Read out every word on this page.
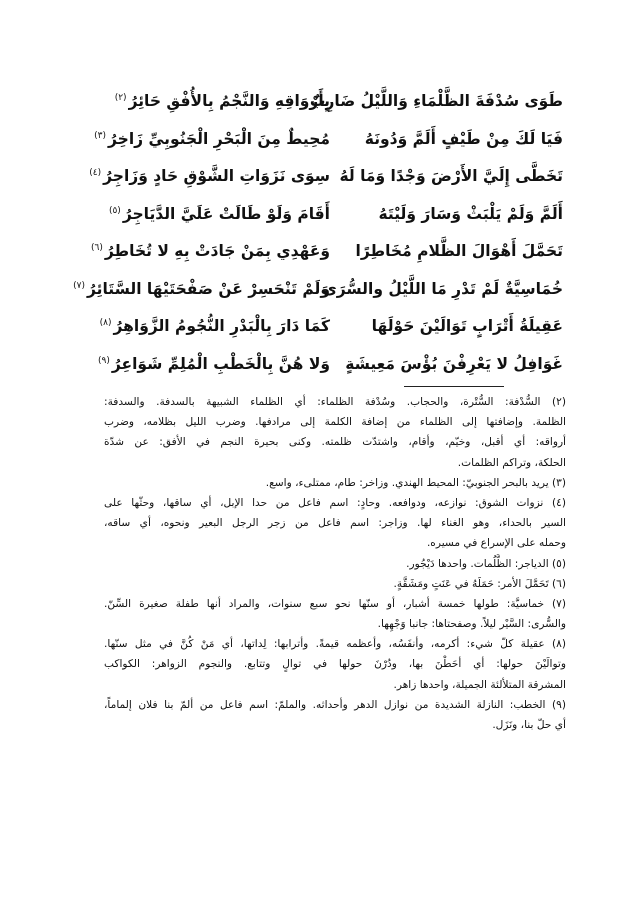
طَوَى سُدْفَةَ الظَّلْمَاءِ وَاللَّيْلُ ضَارِبٌ
بِأَرْوَاقِهِ وَالنَّجْمُ بِالأُفْقِ حَائِرُ$^{(٢)}$
فَيَا لَكَ مِنْ طَيْفٍ أَلَمَّ وَدُونَهُ
مُحِيطٌ مِنَ الْبَحْرِ الْجَنُوبِيِّ زَاخِرُ$^{(٣)}$
تَخَطَّى إِلَيَّ الأَرْضَ وَجْدًا وَمَا لَهُ
سِوَى نَزَوَاتِ الشَّوْقِ حَادٍ وَزَاجِرُ$^{(٤)}$
أَلَمَّ وَلَمْ يَلْبَثْ وَسَارَ وَلَيْتَهُ
أَقَامَ وَلَوْ طَالَتْ عَلَيَّ الدَّيَاجِرُ$^{(٥)}$
تَحَمَّلَ أَهْوَالَ الظَّلامِ مُخَاطِرًا
وَعَهْدِي بِمَنْ جَادَتْ بِهِ لا تُخَاطِرُ$^{(٦)}$
خُمَاسِيَّةٌ لَمْ تَدْرِ مَا اللَّيْلُ والسُّرَى
وَلَمْ تَنْحَسِرْ عَنْ صَفْحَتَيْهَا السَّتَائِرُ$^{(٧)}$
عَقِيلَةُ أَتْرَابٍ تَوَالَيْنَ حَوْلَهَا
كَمَا دَارَ بِالْبَدْرِ النُّجُومُ الزَّوَاهِرُ$^{(٨)}$
غَوَافِلُ لا يَعْرِفْنَ بُؤْسَ مَعِيشَةٍ
وَلا هُنَّ بِالْخَطْبِ الْمُلِمِّ شَوَاعِرُ$^{(٩)}$
(٢) السُّدْفة: السُّتْرة، والحجاب. وسُدْفة الظلماء: أي الظلماء الشبيهة بالسدفة. والسدفة:
الظلمة. وإضافتها إلى الظلماء من إضافة الكلمة إلى مرادفها. وضرب الليل بظلامه، وضرب
أرواقه: أي أقبل، وخيّم، وأقام، واشتدّت ظلمته. وكنى بحيرة النجم في الأفق: عن شدّة
الحلكة، وتراكم الظلمات.
(٣) يريد بالبحر الجنوبيّ: المحيط الهندي. وزاخر: طام، ممتلىء، واسع.
(٤) نزوات الشوق: نوازعه، ودوافعه. وحادٍ: اسم فاعل من حدا الإبل، أي ساقها، وحثّها على
السير بالحداء، وهو الغناء لها. وزاجر: اسم فاعل من زجر الرجل البعير ونحوه، أي ساقه،
وحمله على الإسراع في مسيره.
(٥) الدياجر: الظُّلُمات. واحدها دَيْجُور.
(٦) تَحَمَّلَ الأمر: حَمَلَهُ في عَنَتٍ ومَشَقَّةٍ.
(٧) خماسيَّة: طولها خمسة أشبار، أو سنّها نحو سبع سنوات، والمراد أنها طفلة صغيرة السِّنّ.
والسُّرى: السَّيْر ليلاً. وصفحتاها: جانبا وَجْهِها.
(٨) عقيلة كلّ شيء: أكرمه، وأنفَسُه، وأعظمه قيمةً. وأترابها: لِداتها، أي مَنْ كُنَّ في مثل سنّها.
وتوالَيْنَ حولها: أي أحَطْنَ بها، ودُرْنَ حولها في توالٍ وتتابع. والنجوم الزواهر: الكواكب
المشرقة المتلألئة الجميلة، واحدها زاهر.
(٩) الخطب: النازلة الشديدة من نوازل الدهر وأحداثه. والملمّ: اسم فاعل من ألمّ بنا فلان إلماماً،
أي حلّ بنا، ونَزَل.
